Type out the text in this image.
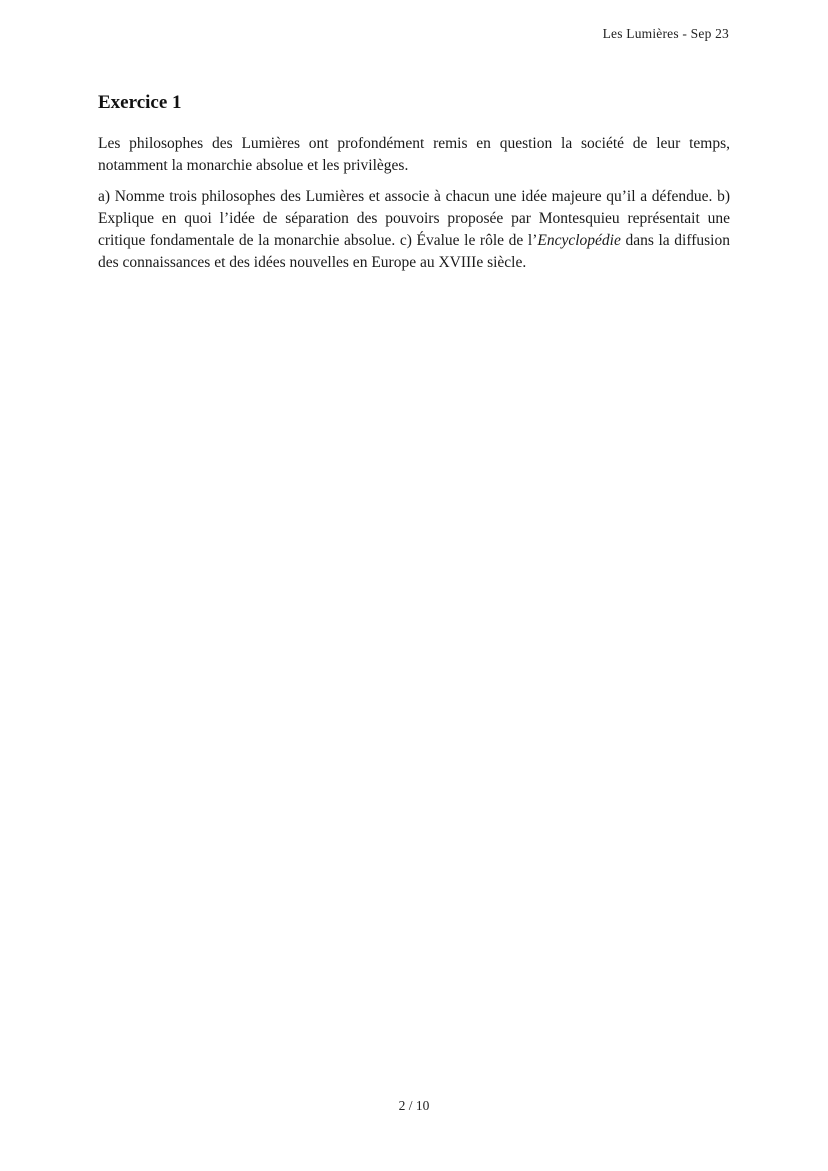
Les Lumières - Sep 23
Exercice 1

Les philosophes des Lumières ont profondément remis en question la société de leur temps, notamment la monarchie absolue et les privilèges.

a) Nomme trois philosophes des Lumières et associe à chacun une idée majeure qu’il a défendue. b) Explique en quoi l’idée de séparation des pouvoirs proposée par Montesquieu représentait une critique fondamentale de la monarchie absolue. c) Évalue le rôle de l’Encyclopédie dans la diffusion des connaissances et des idées nouvelles en Europe au XVIIIe siècle.

2 / 10
